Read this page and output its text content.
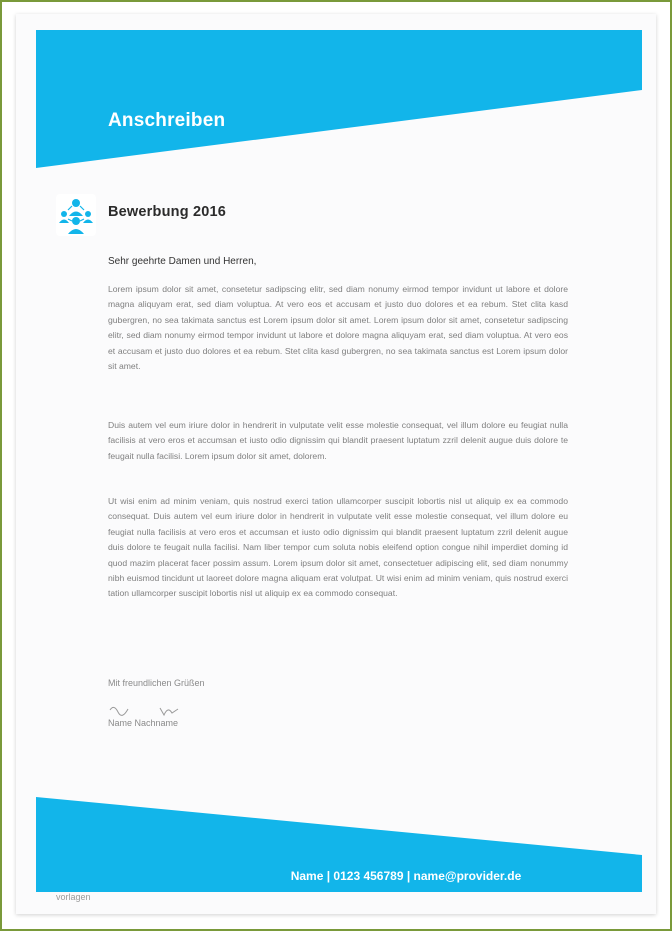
Anschreiben
Bewerbung 2016
Sehr geehrte Damen und Herren,

Lorem ipsum dolor sit amet, consetetur sadipscing elitr, sed diam nonumy eirmod tempor invidunt ut labore et dolore magna aliquyam erat, sed diam voluptua. At vero eos et accusam et justo duo dolores et ea rebum. Stet clita kasd gubergren, no sea takimata sanctus est Lorem ipsum dolor sit amet. Lorem ipsum dolor sit amet, consetetur sadipscing elitr, sed diam nonumy eirmod tempor invidunt ut labore et dolore magna aliquyam erat, sed diam voluptua. At vero eos et accusam et justo duo dolores et ea rebum. Stet clita kasd gubergren, no sea takimata sanctus est Lorem ipsum dolor sit amet.

Duis autem vel eum iriure dolor in hendrerit in vulputate velit esse molestie consequat, vel illum dolore eu feugiat nulla facilisis at vero eros et accumsan et iusto odio dignissim qui blandit praesent luptatum zzril delenit augue duis dolore te feugait nulla facilisi. Lorem ipsum dolor sit amet, dolorem.

Ut wisi enim ad minim veniam, quis nostrud exerci tation ullamcorper suscipit lobortis nisl ut aliquip ex ea commodo consequat. Duis autem vel eum iriure dolor in hendrerit in vulputate velit esse molestie consequat, vel illum dolore eu feugiat nulla facilisis at vero eros et accumsan et iusto odio dignissim qui blandit praesent luptatum zzril delenit augue duis dolore te feugait nulla facilisi. Nam liber tempor cum soluta nobis eleifend option congue nihil imperdiet doming id quod mazim placerat facer possim assum. Lorem ipsum dolor sit amet, consectetuer adipiscing elit, sed diam nonummy nibh euismod tincidunt ut laoreet dolore magna aliquam erat volutpat. Ut wisi enim ad minim veniam, quis nostrud exerci tation ullamcorper suscipit lobortis nisl ut aliquip ex ea commodo consequat.

Mit freundlichen Grüßen
Name Nachname
Name | 0123 456789 | name@provider.de
vorlagen
